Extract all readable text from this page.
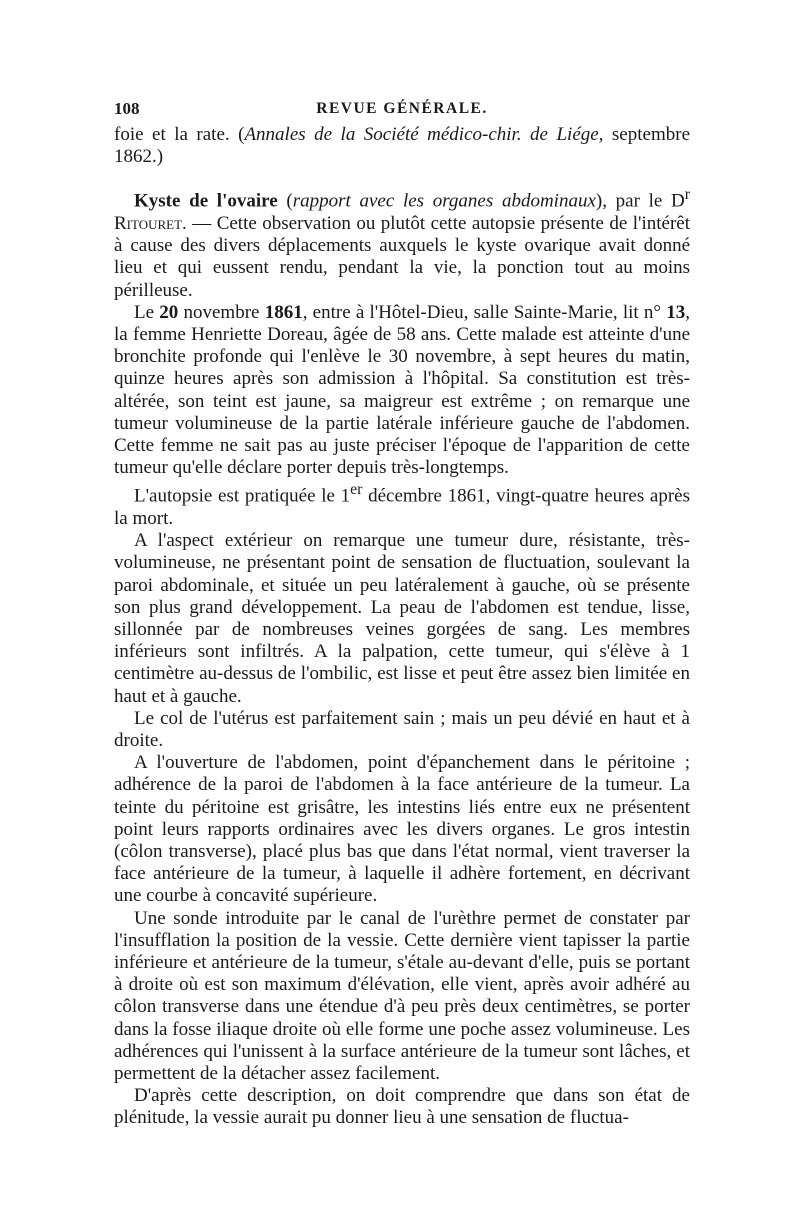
108	REVUE GÉNÉRALE.

foie et la rate. (Annales de la Société médico-chir. de Liége, septembre 1862.)

Kyste de l'ovaire (rapport avec les organes abdominaux), par le $D^r$ Ritouret. — Cette observation ou plutôt cette autopsie présente de l'intérêt à cause des divers déplacements auxquels le kyste ovarique avait donné lieu et qui eussent rendu, pendant la vie, la ponction tout au moins périlleuse.

Le 20 novembre 1861, entre à l'Hôtel-Dieu, salle Sainte-Marie, lit n° 13, la femme Henriette Doreau, âgée de 58 ans. Cette malade est atteinte d'une bronchite profonde qui l'enlève le 30 novembre, à sept heures du matin, quinze heures après son admission à l'hôpital. Sa constitution est très-altérée, son teint est jaune, sa maigreur est extrême ; on remarque une tumeur volumineuse de la partie latérale inférieure gauche de l'abdomen. Cette femme ne sait pas au juste préciser l'époque de l'apparition de cette tumeur qu'elle déclare porter depuis très-longtemps.

L'autopsie est pratiquée le 1er décembre 1861, vingt-quatre heures après la mort.

A l'aspect extérieur on remarque une tumeur dure, résistante, très-volumineuse, ne présentant point de sensation de fluctuation, soulevant la paroi abdominale, et située un peu latéralement à gauche, où se présente son plus grand développement. La peau de l'abdomen est tendue, lisse, sillonnée par de nombreuses veines gorgées de sang. Les membres inférieurs sont infiltrés. A la palpation, cette tumeur, qui s'élève à 1 centimètre au-dessus de l'ombilic, est lisse et peut être assez bien limitée en haut et à gauche.

Le col de l'utérus est parfaitement sain ; mais un peu dévié en haut et à droite.

A l'ouverture de l'abdomen, point d'épanchement dans le péritoine ; adhérence de la paroi de l'abdomen à la face antérieure de la tumeur. La teinte du péritoine est grisâtre, les intestins liés entre eux ne présentent point leurs rapports ordinaires avec les divers organes. Le gros intestin (côlon transverse), placé plus bas que dans l'état normal, vient traverser la face antérieure de la tumeur, à laquelle il adhère fortement, en décrivant une courbe à concavité supérieure.

Une sonde introduite par le canal de l'urèthre permet de constater par l'insufflation la position de la vessie. Cette dernière vient tapisser la partie inférieure et antérieure de la tumeur, s'étale au-devant d'elle, puis se portant à droite où est son maximum d'élévation, elle vient, après avoir adhéré au côlon transverse dans une étendue d'à peu près deux centimètres, se porter dans la fosse iliaque droite où elle forme une poche assez volumineuse. Les adhérences qui l'unissent à la surface antérieure de la tumeur sont lâches, et permettent de la détacher assez facilement.

D'après cette description, on doit comprendre que dans son état de plénitude, la vessie aurait pu donner lieu à une sensation de fluctua-
